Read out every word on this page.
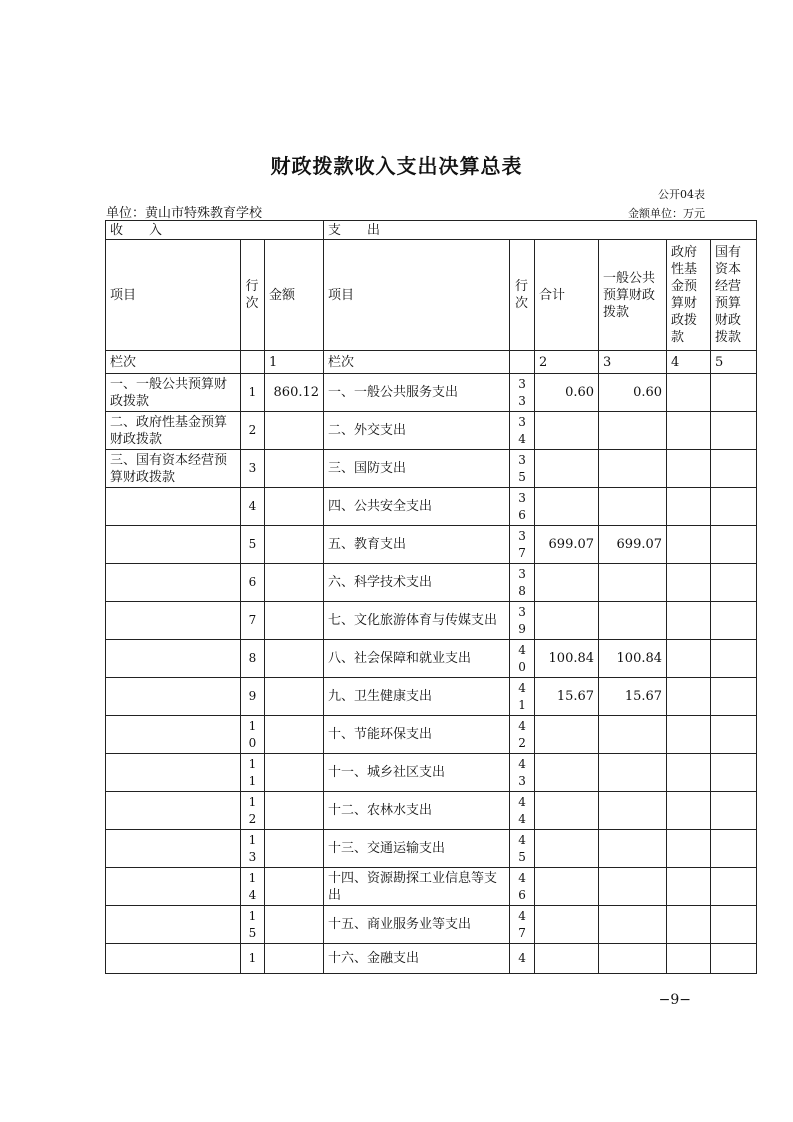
财政拨款收入支出决算总表
公开04表
单位：黄山市特殊教育学校	金额单位：万元
收　　入			支　　出					
项目	行次	金额	项目	行次	合计	一般公共预算财政拨款	政府性基金预算财政拨款	国有资本经营预算财政拨款
栏次		1	栏次		2	3	4	5
一、一般公共预算财政拨款	1	860.12	一、一般公共服务支出	33	0.60	0.60		
二、政府性基金预算财政拨款	2		二、外交支出	34				

三、国有资本经营预算财政拨款	3		三、国防支出	35				

	4		四、公共安全支出	36				

	5		五、教育支出	37	699.07	699.07		

	6		六、科学技术支出	38				

	7		七、文化旅游体育与传媒支出	39				

	8		八、社会保障和就业支出	40	100.84	100.84		

	9		九、卫生健康支出	41	15.67	15.67		

	10		十、节能环保支出	42				

	11		十一、城乡社区支出	43				

	12		十二、农林水支出	44				

	13		十三、交通运输支出	45				

	14		十四、资源勘探工业信息等支出	46				

	15		十五、商业服务业等支出	47				

	1		十六、金融支出	4				

−9−
